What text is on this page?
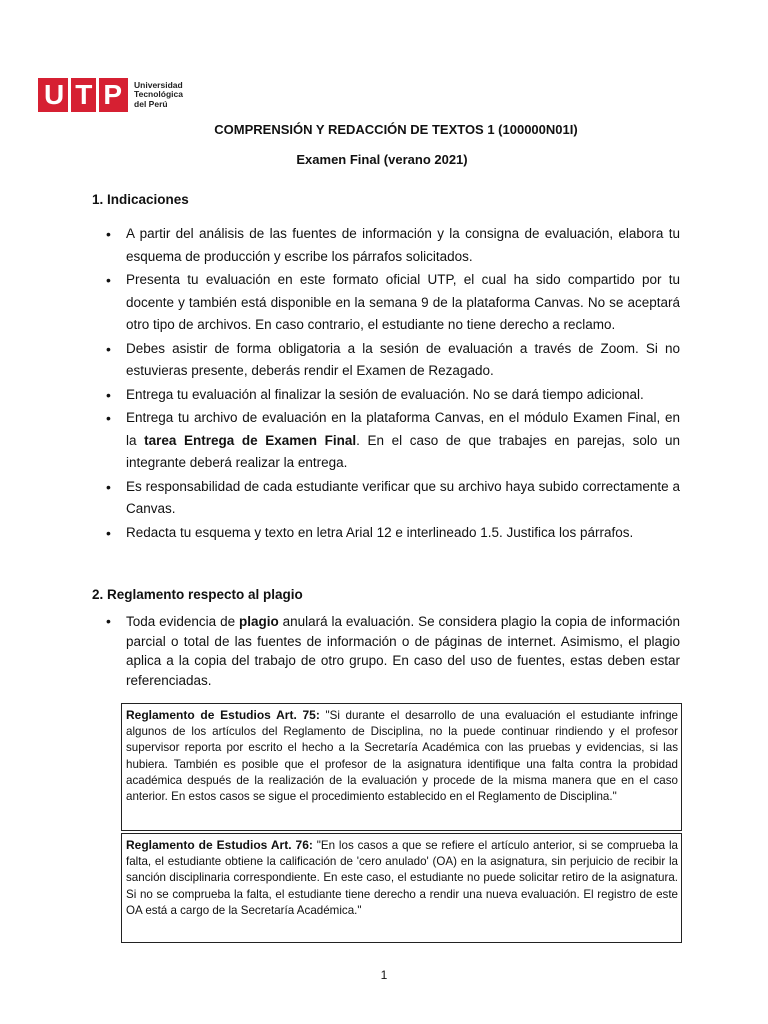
U T P	Universidad
Tecnológica
del Perú
COMPRENSIÓN Y REDACCIÓN DE TEXTOS 1 (100000N01I)
Examen Final (verano 2021)
1. Indicaciones
• A partir del análisis de las fuentes de información y la consigna de evaluación, elabora tu esquema de producción y escribe los párrafos solicitados.
• Presenta tu evaluación en este formato oficial UTP, el cual ha sido compartido por tu docente y también está disponible en la semana 9 de la plataforma Canvas. No se aceptará otro tipo de archivos. En caso contrario, el estudiante no tiene derecho a reclamo.
• Debes asistir de forma obligatoria a la sesión de evaluación a través de Zoom. Si no estuvieras presente, deberás rendir el Examen de Rezagado.
• Entrega tu evaluación al finalizar la sesión de evaluación. No se dará tiempo adicional.
• Entrega tu archivo de evaluación en la plataforma Canvas, en el módulo Examen Final, en la tarea Entrega de Examen Final. En el caso de que trabajes en parejas, solo un integrante deberá realizar la entrega.
• Es responsabilidad de cada estudiante verificar que su archivo haya subido correctamente a Canvas.
• Redacta tu esquema y texto en letra Arial 12 e interlineado 1.5. Justifica los párrafos.
2. Reglamento respecto al plagio
• Toda evidencia de plagio anulará la evaluación. Se considera plagio la copia de información parcial o total de las fuentes de información o de páginas de internet. Asimismo, el plagio aplica a la copia del trabajo de otro grupo. En caso del uso de fuentes, estas deben estar referenciadas.
Reglamento de Estudios Art. 75: "Si durante el desarrollo de una evaluación el estudiante infringe algunos de los artículos del Reglamento de Disciplina, no la puede continuar rindiendo y el profesor supervisor reporta por escrito el hecho a la Secretaría Académica con las pruebas y evidencias, si las hubiera. También es posible que el profesor de la asignatura identifique una falta contra la probidad académica después de la realización de la evaluación y procede de la misma manera que en el caso anterior. En estos casos se sigue el procedimiento establecido en el Reglamento de Disciplina."
Reglamento de Estudios Art. 76: "En los casos a que se refiere el artículo anterior, si se comprueba la falta, el estudiante obtiene la calificación de 'cero anulado' (OA) en la asignatura, sin perjuicio de recibir la sanción disciplinaria correspondiente. En este caso, el estudiante no puede solicitar retiro de la asignatura. Si no se comprueba la falta, el estudiante tiene derecho a rendir una nueva evaluación. El registro de este OA está a cargo de la Secretaría Académica."
1
